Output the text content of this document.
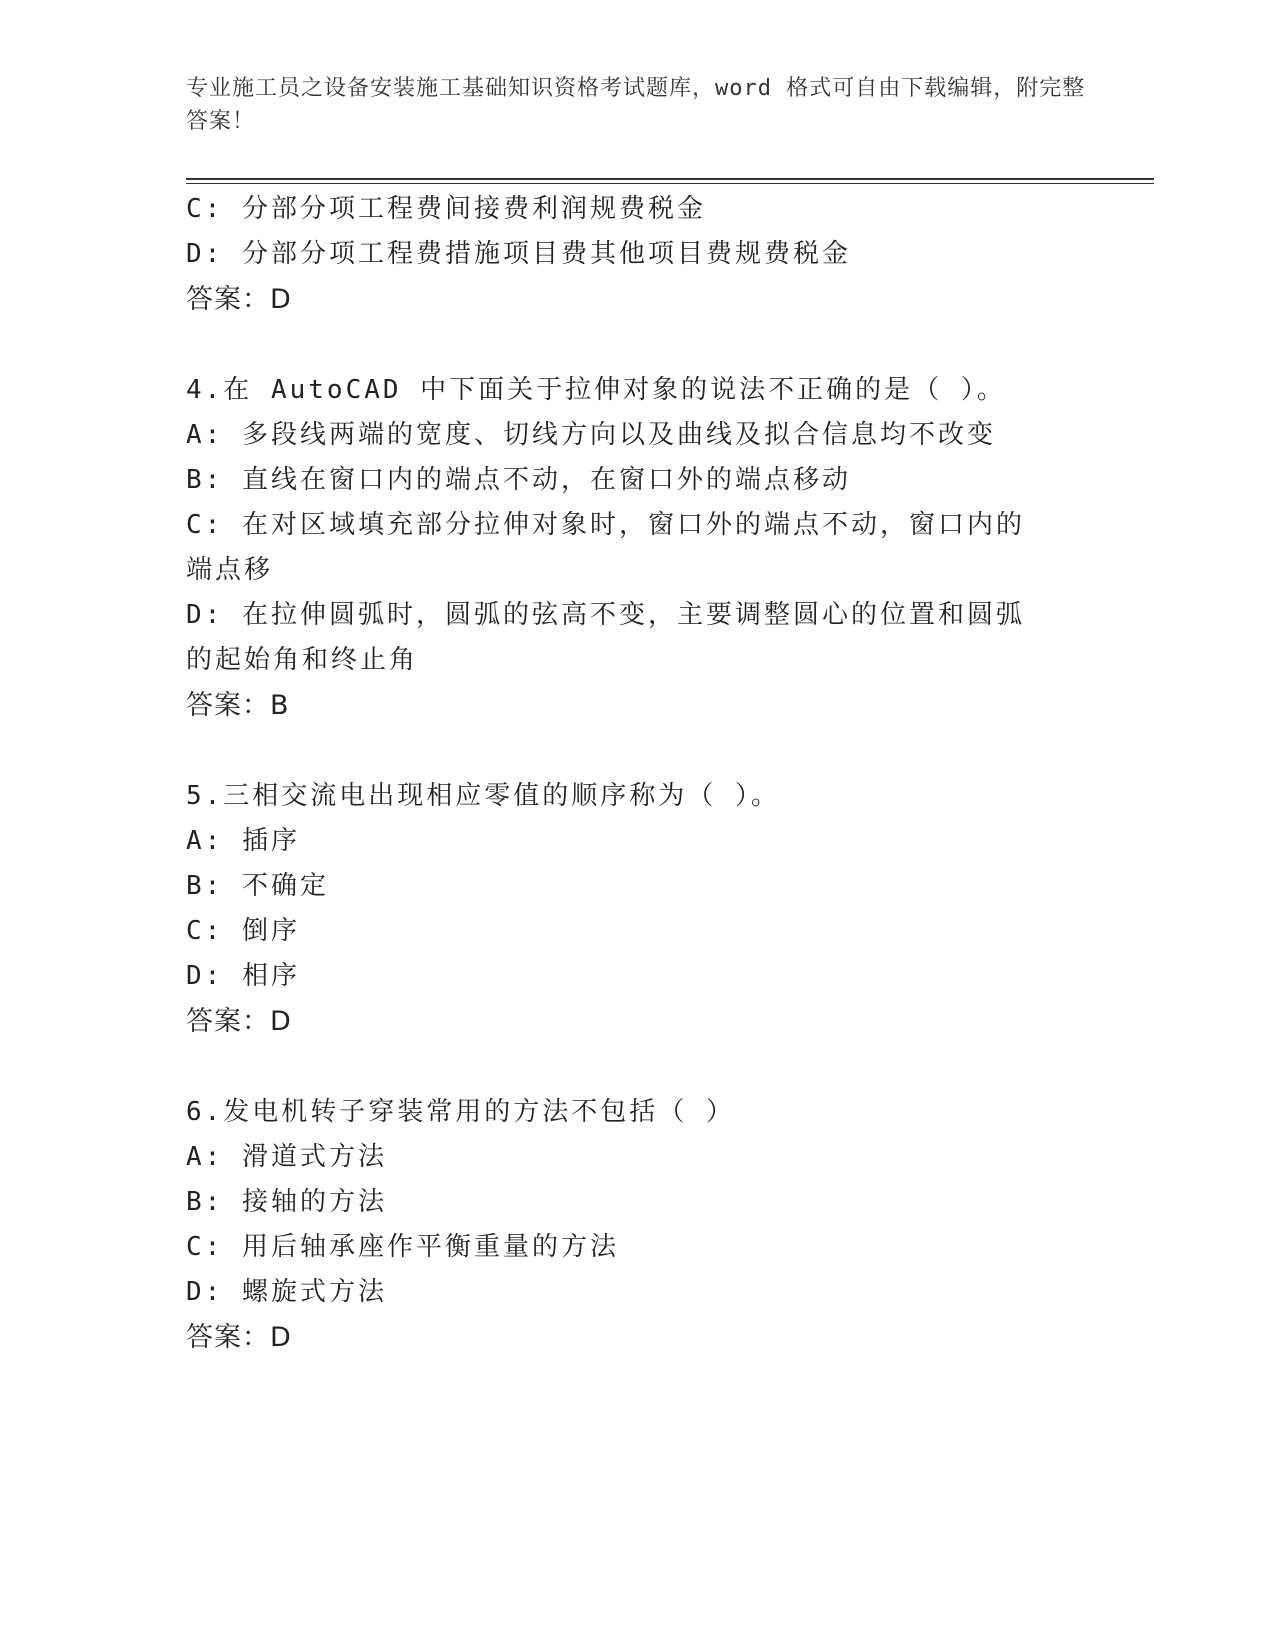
专业施工员之设备安装施工基础知识资格考试题库，word 格式可自由下载编辑，附完整答案！
C: 分部分项工程费间接费利润规费税金
D: 分部分项工程费措施项目费其他项目费规费税金
答案：D
4.在 AutoCAD 中下面关于拉伸对象的说法不正确的是（ ）。
A: 多段线两端的宽度、切线方向以及曲线及拟合信息均不改变
B: 直线在窗口内的端点不动，在窗口外的端点移动
C: 在对区域填充部分拉伸对象时，窗口外的端点不动，窗口内的端点移
D: 在拉伸圆弧时，圆弧的弦高不变，主要调整圆心的位置和圆弧的起始角和终止角
答案：B
5.三相交流电出现相应零值的顺序称为（ ）。
A: 插序
B: 不确定
C: 倒序
D: 相序
答案：D
6.发电机转子穿装常用的方法不包括（ ）
A: 滑道式方法
B: 接轴的方法
C: 用后轴承座作平衡重量的方法
D: 螺旋式方法
答案：D
